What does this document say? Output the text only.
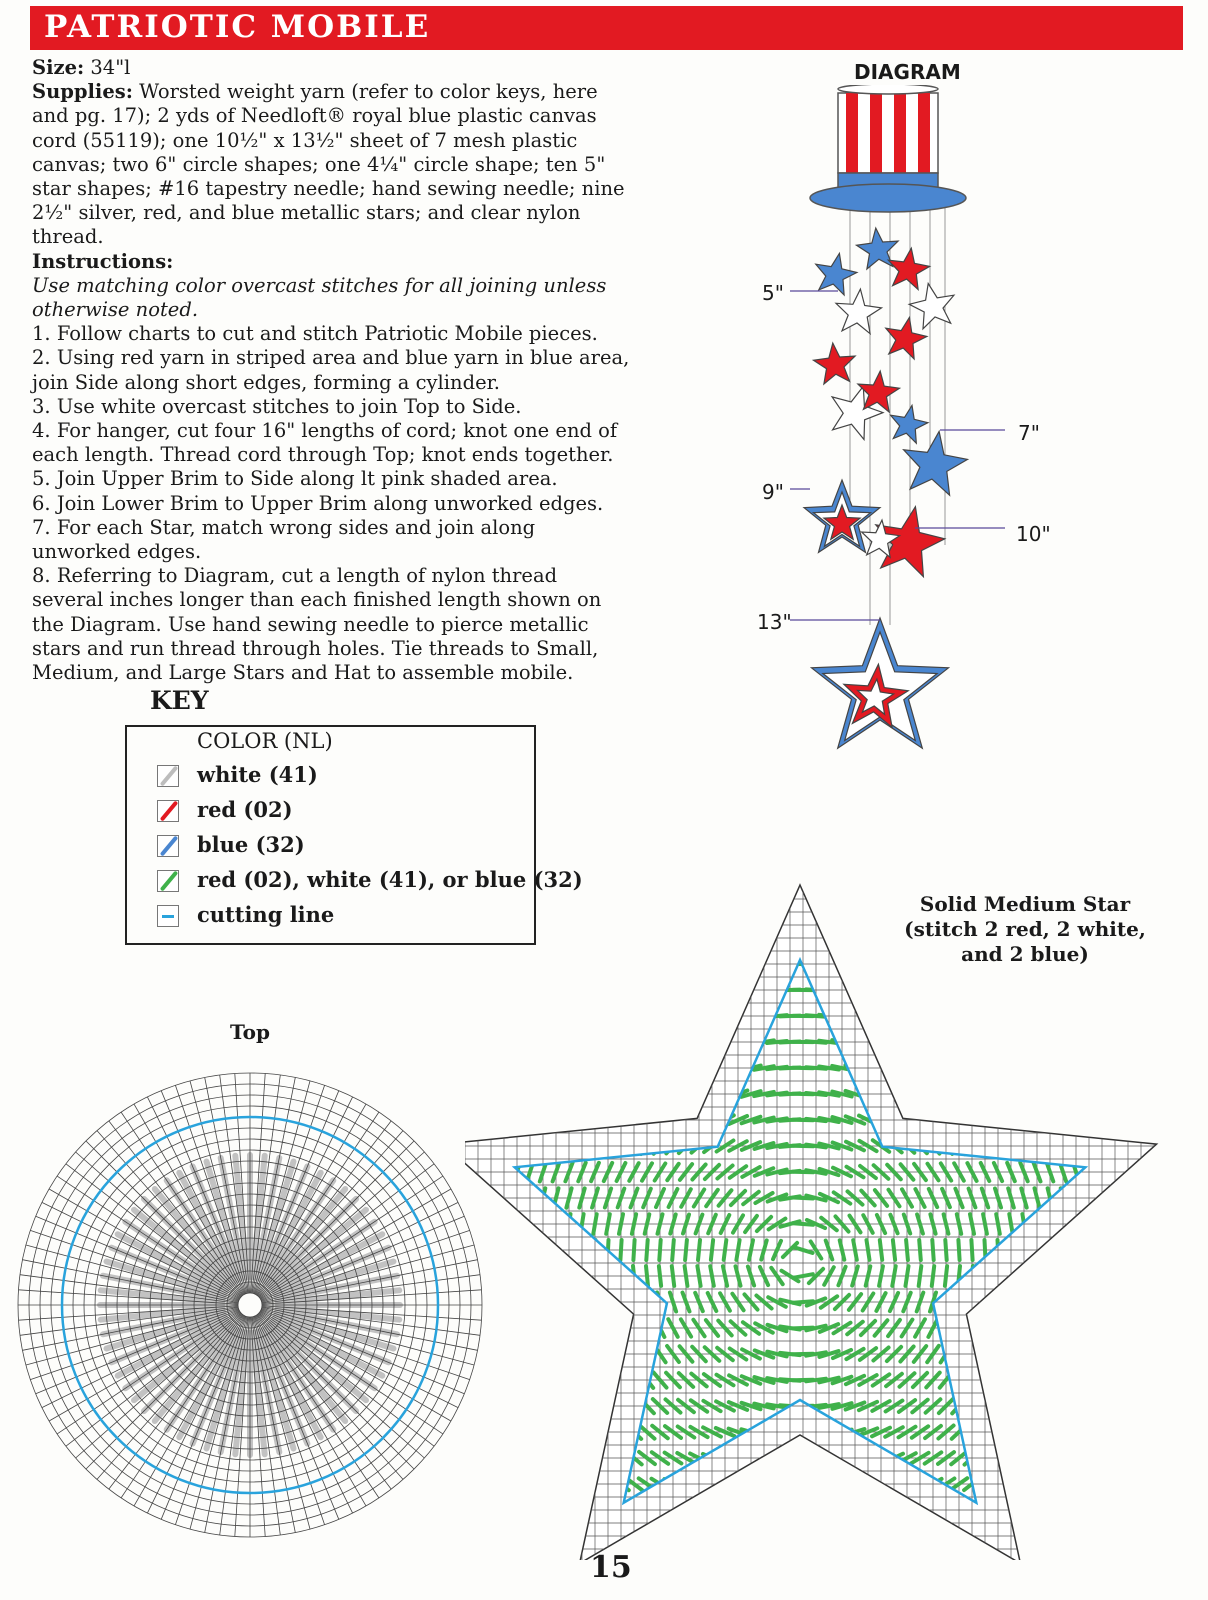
PATRIOTIC MOBILE

Size: 34"l

Supplies: Worsted weight yarn (refer to color keys, here and pg. 17); 2 yds of Needloft® royal blue plastic canvas cord (55119); one 10½" x 13½" sheet of 7 mesh plastic canvas; two 6" circle shapes; one 4¼" circle shape; ten 5" star shapes; #16 tapestry needle; hand sewing needle; nine 2½" silver, red, and blue metallic stars; and clear nylon thread.

Instructions:

Use matching color overcast stitches for all joining unless otherwise noted.

1. Follow charts to cut and stitch Patriotic Mobile pieces.

2. Using red yarn in striped area and blue yarn in blue area, join Side along short edges, forming a cylinder.

3. Use white overcast stitches to join Top to Side.

4. For hanger, cut four 16" lengths of cord; knot one end of each length. Thread cord through Top; knot ends together.

5. Join Upper Brim to Side along lt pink shaded area.

6. Join Lower Brim to Upper Brim along unworked edges.

7. For each Star, match wrong sides and join along unworked edges.

8. Referring to Diagram, cut a length of nylon thread several inches longer than each finished length shown on the Diagram. Use hand sewing needle to pierce metallic stars and run thread through holes. Tie threads to Small, Medium, and Large Stars and Hat to assemble mobile.

KEY
COLOR (NL)
white (41)
red (02)
blue (32)
red (02), white (41), or blue (32)
cutting line
DIAGRAM
5"
7"
9"
10"
13"
Top
Solid Medium Star (stitch 2 red, 2 white, and 2 blue)
15
